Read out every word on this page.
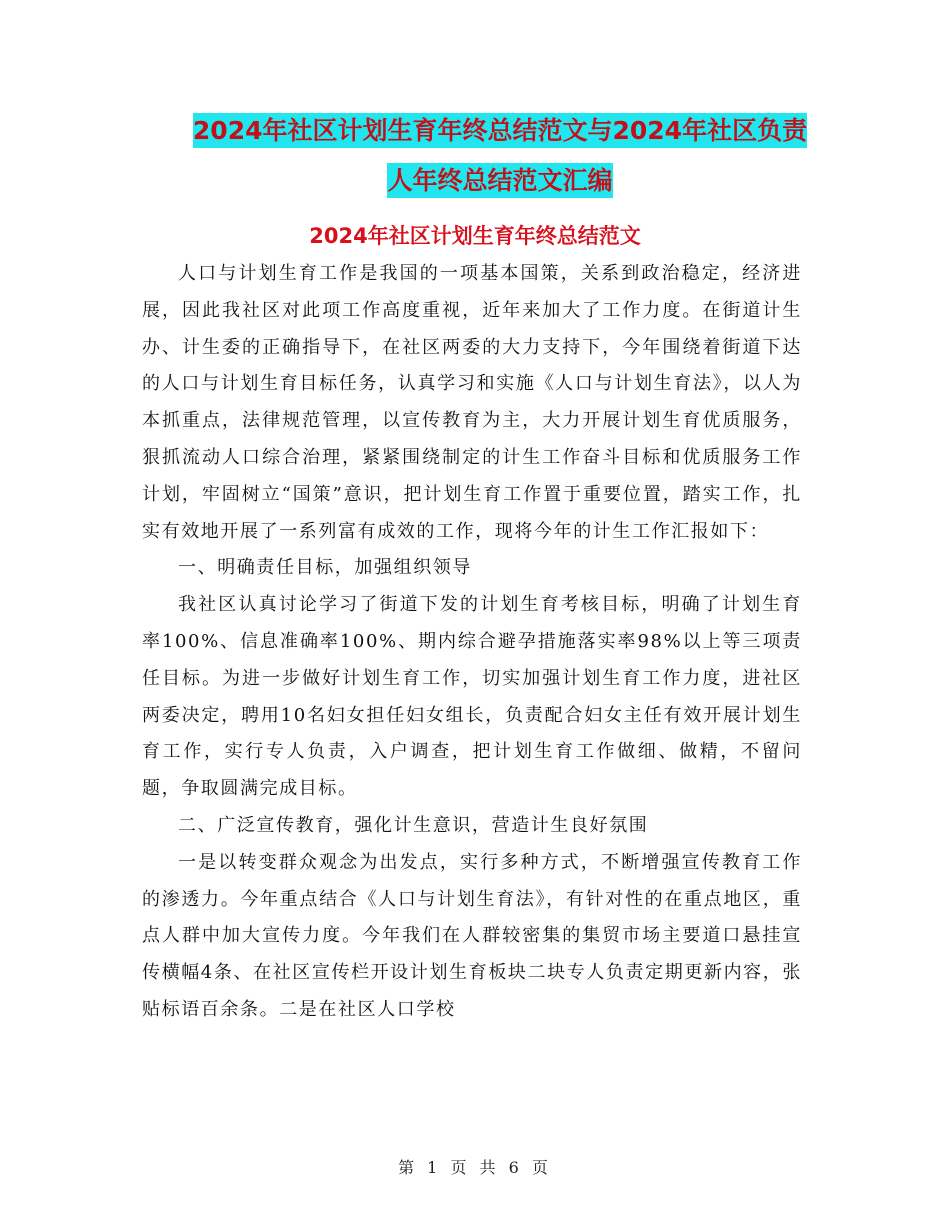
2024年社区计划生育年终总结范文与2024年社区负责
人年终总结范文汇编
2024年社区计划生育年终总结范文

人口与计划生育工作是我国的一项基本国策，关系到政治稳定，经济进展，因此我社区对此项工作高度重视，近年来加大了工作力度。在街道计生办、计生委的正确指导下，在社区两委的大力支持下，今年围绕着街道下达的人口与计划生育目标任务，认真学习和实施《人口与计划生育法》，以人为本抓重点，法律规范管理，以宣传教育为主，大力开展计划生育优质服务，狠抓流动人口综合治理，紧紧围绕制定的计生工作奋斗目标和优质服务工作计划，牢固树立“国策”意识，把计划生育工作置于重要位置，踏实工作，扎实有效地开展了一系列富有成效的工作，现将今年的计生工作汇报如下：

一、明确责任目标，加强组织领导

我社区认真讨论学习了街道下发的计划生育考核目标，明确了计划生育率100%、信息准确率100%、期内综合避孕措施落实率98%以上等三项责任目标。为进一步做好计划生育工作，切实加强计划生育工作力度，进社区两委决定，聘用10名妇女担任妇女组长，负责配合妇女主任有效开展计划生育工作，实行专人负责，入户调查，把计划生育工作做细、做精，不留问题，争取圆满完成目标。

二、广泛宣传教育，强化计生意识，营造计生良好氛围

一是以转变群众观念为出发点，实行多种方式，不断增强宣传教育工作的渗透力。今年重点结合《人口与计划生育法》，有针对性的在重点地区，重点人群中加大宣传力度。今年我们在人群较密集的集贸市场主要道口悬挂宣传横幅4条、在社区宣传栏开设计划生育板块二块专人负责定期更新内容，张贴标语百余条。二是在社区人口学校

第 1 页 共 6 页
